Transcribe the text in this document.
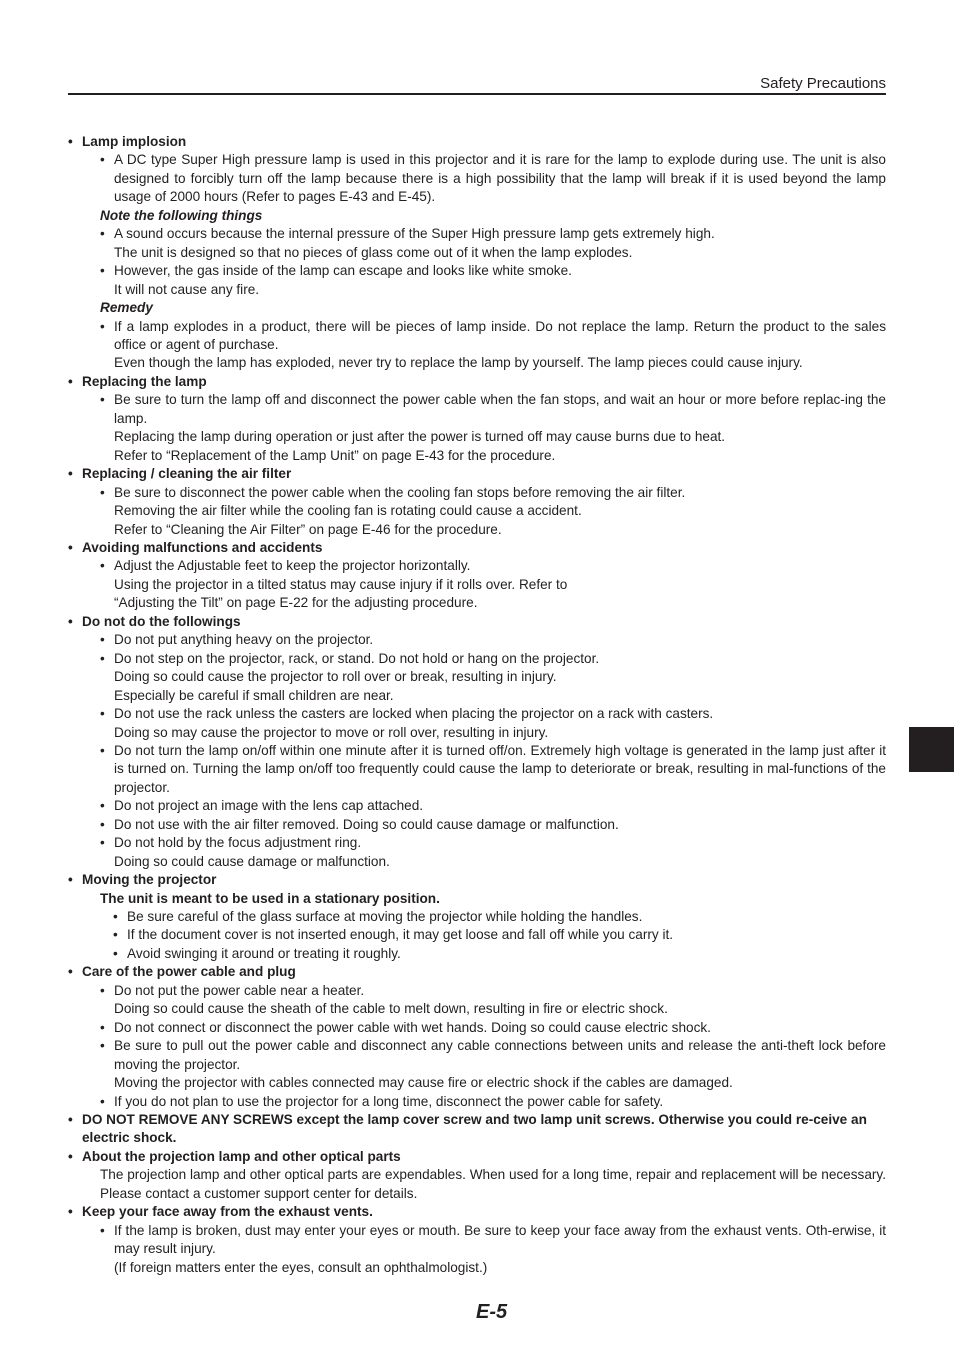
Safety Precautions
• Lamp implosion
• A DC type Super High pressure lamp is used in this projector and it is rare for the lamp to explode during use. The unit is also designed to forcibly turn off the lamp because there is a high possibility that the lamp will break if it is used beyond the lamp usage of 2000 hours (Refer to pages E-43 and E-45).
Note the following things
• A sound occurs because the internal pressure of the Super High pressure lamp gets extremely high.
The unit is designed so that no pieces of glass come out of it when the lamp explodes.
• However, the gas inside of the lamp can escape and looks like white smoke.
It will not cause any fire.
Remedy
• If a lamp explodes in a product, there will be pieces of lamp inside. Do not replace the lamp. Return the product to the sales office or agent of purchase.
Even though the lamp has exploded, never try to replace the lamp by yourself. The lamp pieces could cause injury.
• Replacing the lamp
• Be sure to turn the lamp off and disconnect the power cable when the fan stops, and wait an hour or more before replac-ing the lamp.
Replacing the lamp during operation or just after the power is turned off may cause burns due to heat.
Refer to “Replacement of the Lamp Unit” on page E-43 for the procedure.
• Replacing / cleaning the air filter
• Be sure to disconnect the power cable when the cooling fan stops before removing the air filter.
Removing the air filter while the cooling fan is rotating could cause a accident.
Refer to “Cleaning the Air Filter” on page E-46 for the procedure.
• Avoiding malfunctions and accidents
• Adjust the Adjustable feet to keep the projector horizontally.
Using the projector in a tilted status may cause injury if it rolls over. Refer to
“Adjusting the Tilt” on page E-22 for the adjusting procedure.
• Do not do the followings
• Do not put anything heavy on the projector.
• Do not step on the projector, rack, or stand. Do not hold or hang on the projector.
Doing so could cause the projector to roll over or break, resulting in injury.
Especially be careful if small children are near.
• Do not use the rack unless the casters are locked when placing the projector on a rack with casters.
Doing so may cause the projector to move or roll over, resulting in injury.
• Do not turn the lamp on/off within one minute after it is turned off/on. Extremely high voltage is generated in the lamp just after it is turned on. Turning the lamp on/off too frequently could cause the lamp to deteriorate or break, resulting in mal-functions of the projector.
• Do not project an image with the lens cap attached.
• Do not use with the air filter removed. Doing so could cause damage or malfunction.
• Do not hold by the focus adjustment ring.
Doing so could cause damage or malfunction.
• Moving the projector
The unit is meant to be used in a stationary position.
• Be sure careful of the glass surface at moving the projector while holding the handles.
• If the document cover is not inserted enough, it may get loose and fall off while you carry it.
• Avoid swinging it around or treating it roughly.
• Care of the power cable and plug
• Do not put the power cable near a heater.
Doing so could cause the sheath of the cable to melt down, resulting in fire or electric shock.
• Do not connect or disconnect the power cable with wet hands. Doing so could cause electric shock.
• Be sure to pull out the power cable and disconnect any cable connections between units and release the anti-theft lock before moving the projector.
Moving the projector with cables connected may cause fire or electric shock if the cables are damaged.
• If you do not plan to use the projector for a long time, disconnect the power cable for safety.
• DO NOT REMOVE ANY SCREWS except the lamp cover screw and two lamp unit screws. Otherwise you could re-ceive an electric shock.
• About the projection lamp and other optical parts
The projection lamp and other optical parts are expendables. When used for a long time, repair and replacement will be necessary. Please contact a customer support center for details.
• Keep your face away from the exhaust vents.
• If the lamp is broken, dust may enter your eyes or mouth. Be sure to keep your face away from the exhaust vents. Oth-erwise, it may result injury.
(If foreign matters enter the eyes, consult an ophthalmologist.)
E-5
